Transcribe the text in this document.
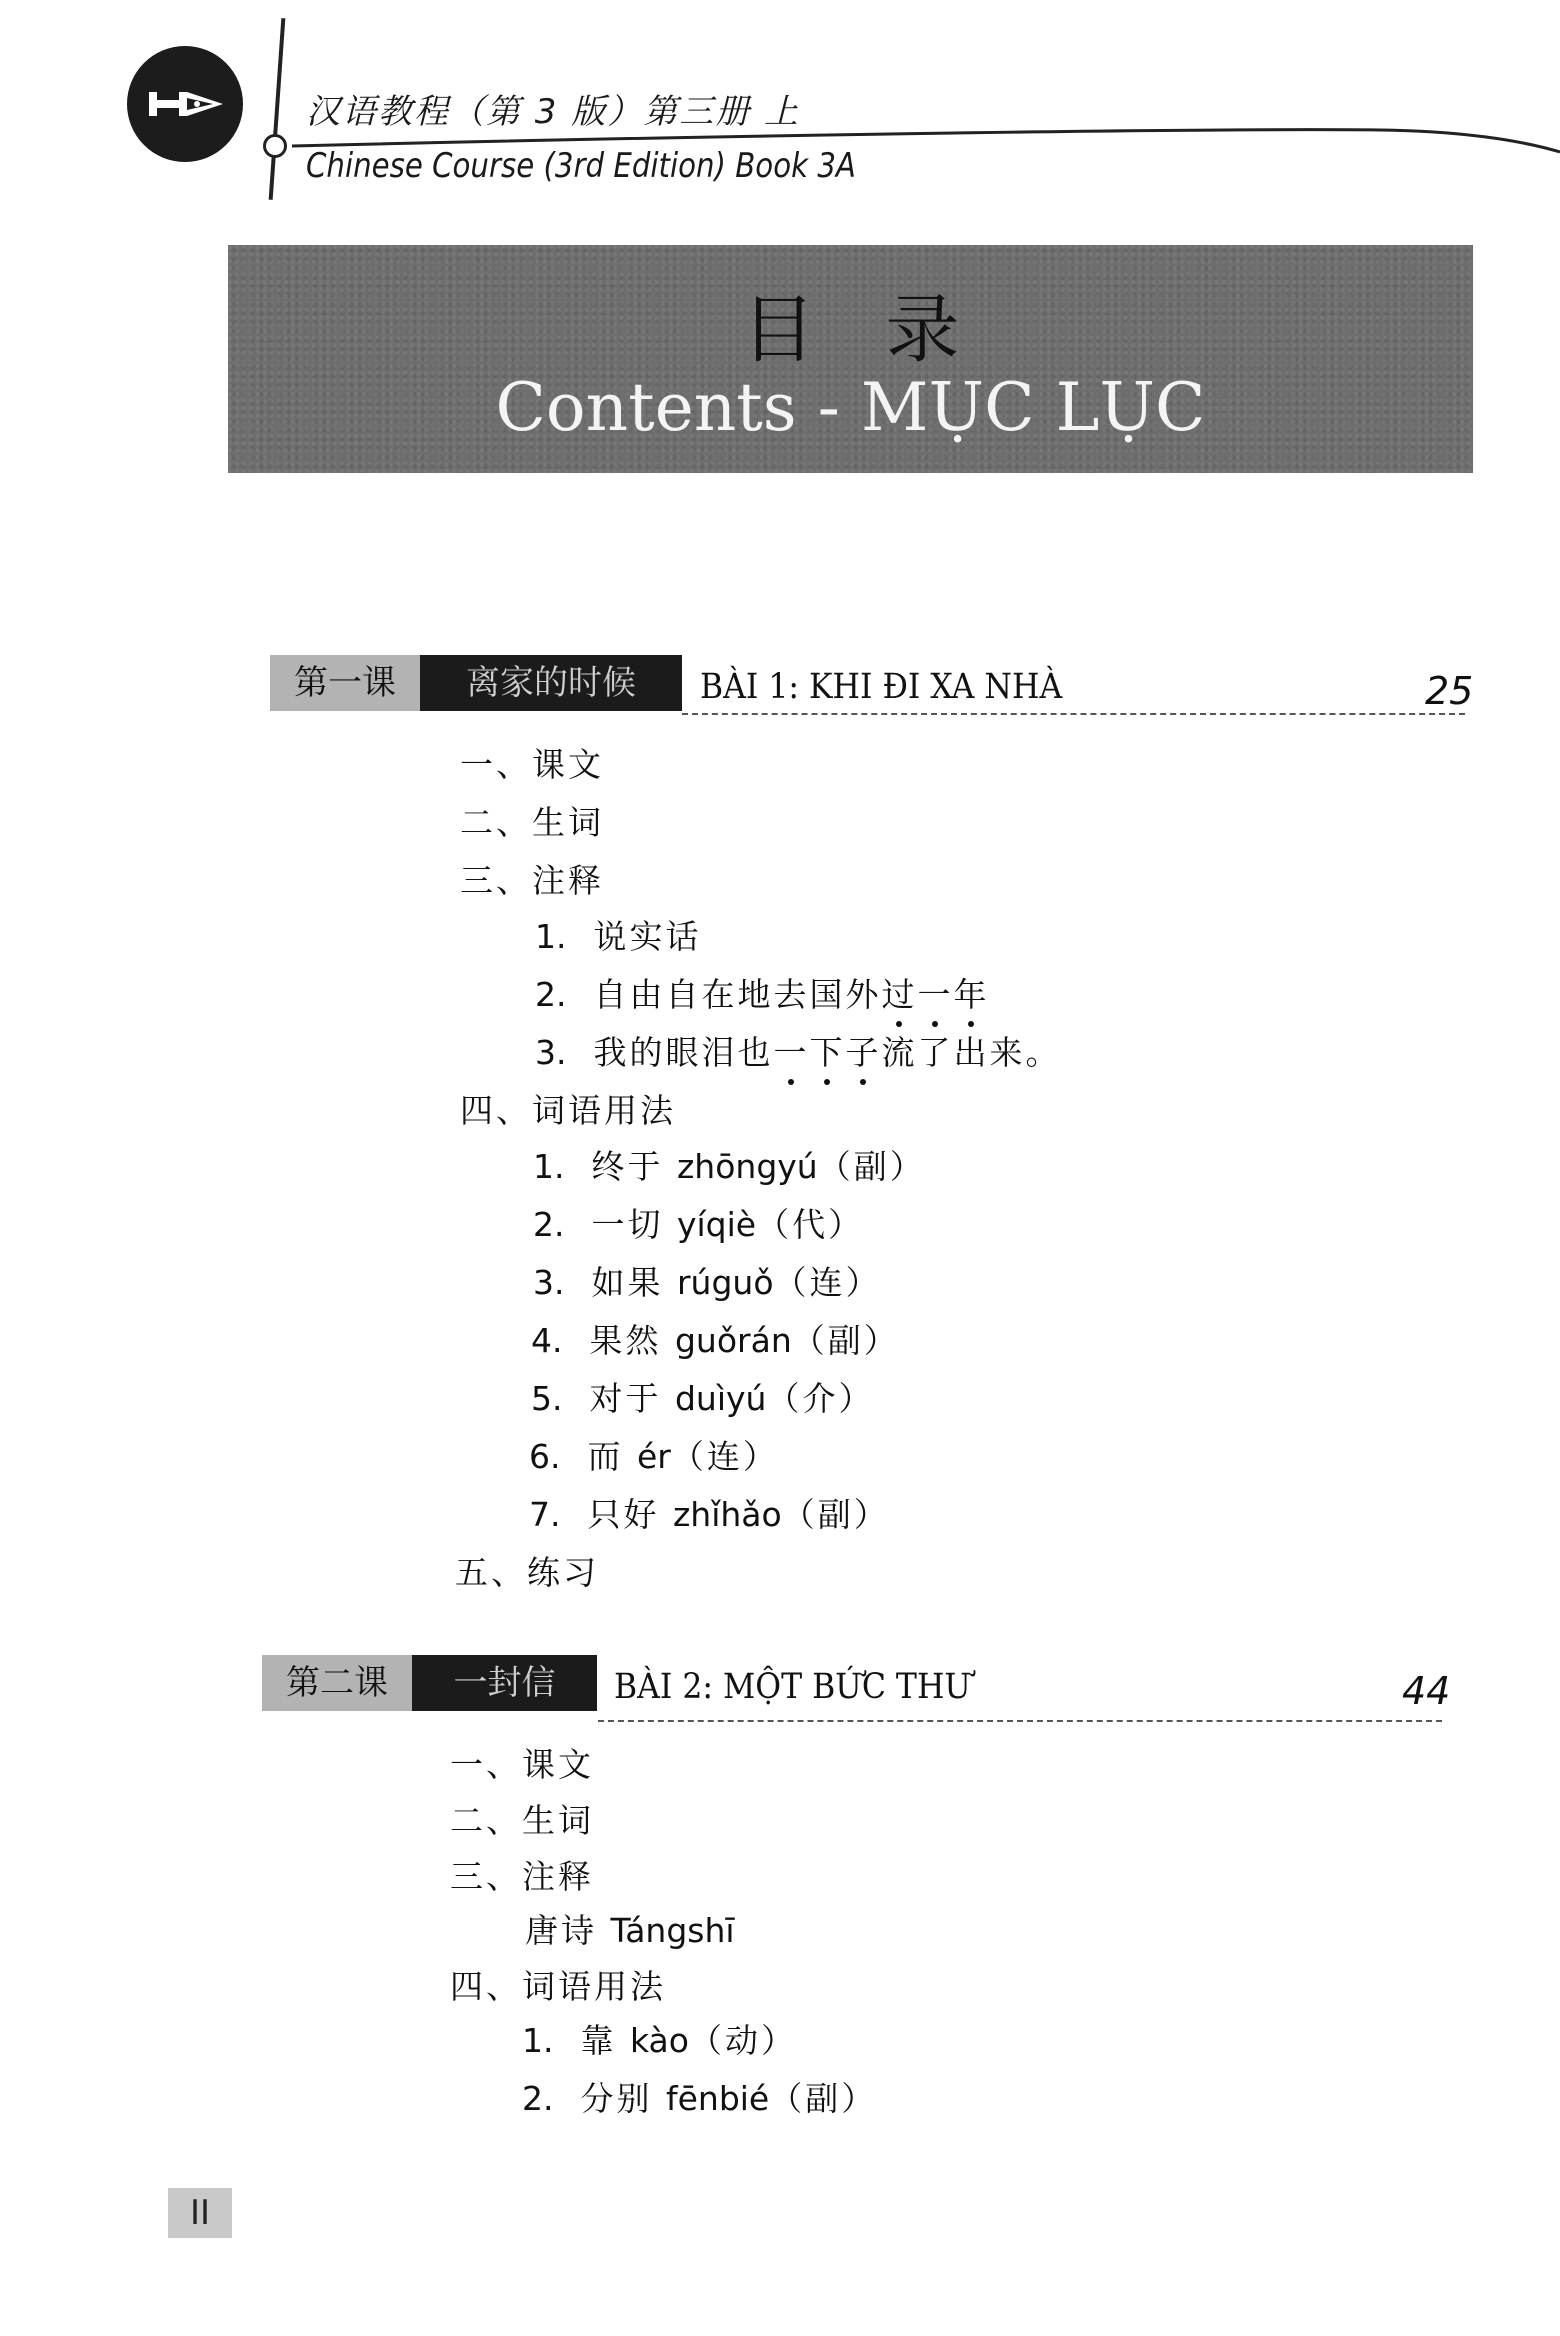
汉语教程（第 3 版）第三册 上
Chinese Course (3rd Edition) Book 3A
目录
Contents - MỤC LỤC
第一课	离家的时候	BÀI 1: KHI ĐI XA NHÀ	25
一、课文
二、生词
三、注释
1. 说实话
2. 自由自在地去国外过一年
3. 我的眼泪也一下子流了出来。
四、词语用法
1. 终于 zhōngyú（副）
2. 一切 yíqiè（代）
3. 如果 rúguǒ（连）
4. 果然 guǒrán（副）
5. 对于 duìyú（介）
6. 而 ér（连）
7. 只好 zhǐhǎo（副）
五、练习
第二课	一封信	BÀI 2: MỘT BỨC THƯ	44
一、课文
二、生词
三、注释
唐诗 Tángshī
四、词语用法
1. 靠 kào（动）
2. 分别 fēnbié（副）
II
